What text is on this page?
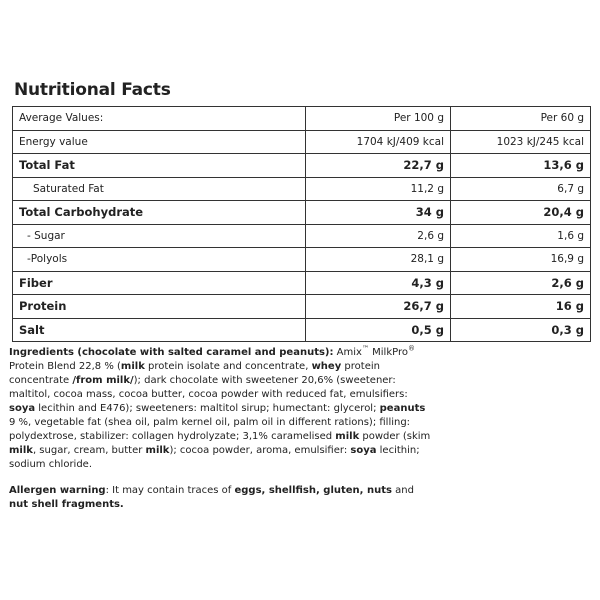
Nutritional Facts
Average Values:	Per 100 g	Per 60 g
Energy value	1704 kJ/409 kcal	1023 kJ/245 kcal
Total Fat	22,7 g	13,6 g
Saturated Fat	11,2 g	6,7 g
Total Carbohydrate	34 g	20,4 g
- Sugar	2,6 g	1,6 g
-Polyols	28,1 g	16,9 g
Fiber	4,3 g	2,6 g
Protein	26,7 g	16 g
Salt	0,5 g	0,3 g
Ingredients (chocolate with salted caramel and peanuts): Amix™ MilkPro® Protein Blend 22,8 % (milk protein isolate and concentrate, whey protein concentrate /from milk/); dark chocolate with sweetener 20,6% (sweetener: maltitol, cocoa mass, cocoa butter, cocoa powder with reduced fat, emulsifiers: soya lecithin and E476); sweeteners: maltitol sirup; humectant: glycerol; peanuts 9 %, vegetable fat (shea oil, palm kernel oil, palm oil in different rations); filling: polydextrose, stabilizer: collagen hydrolyzate; 3,1% caramelised milk powder (skim milk, sugar, cream, butter milk); cocoa powder, aroma, emulsifier: soya lecithin; sodium chloride.
Allergen warning: It may contain traces of eggs, shellfish, gluten, nuts and nut shell fragments.
